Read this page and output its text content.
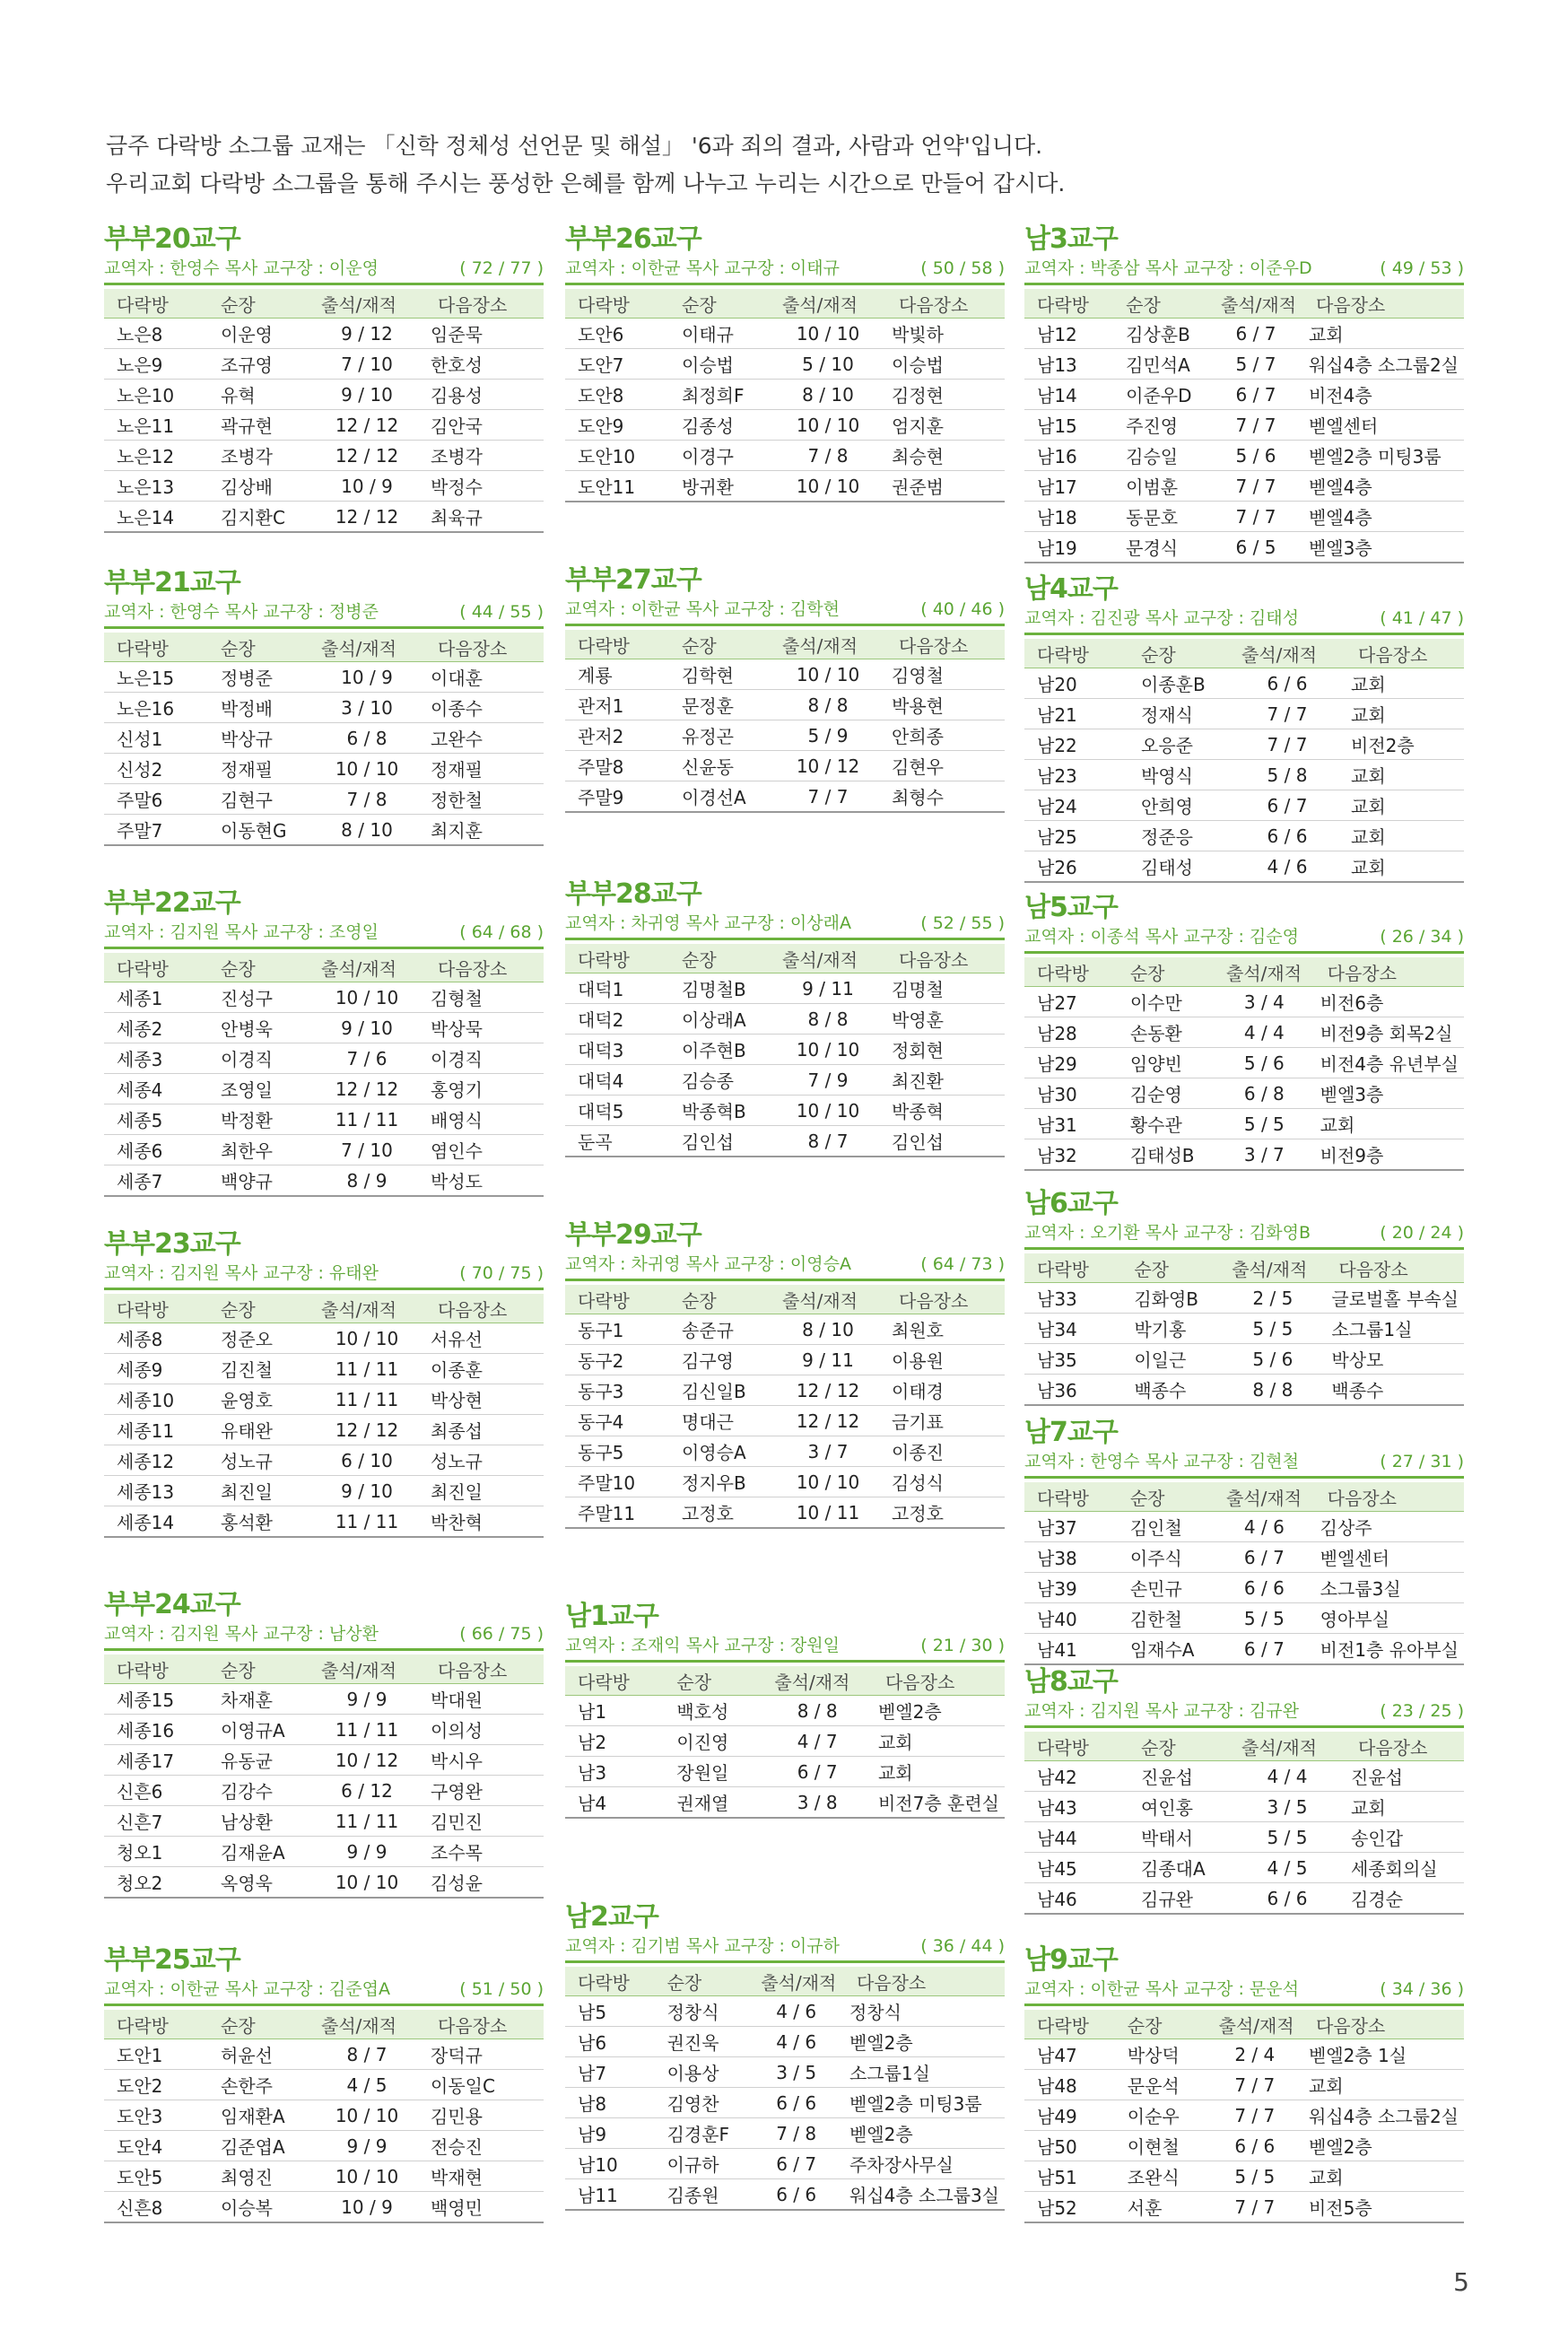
금주 다락방 소그룹 교재는 「신학 정체성 선언문 및 해설」 '6과 죄의 결과, 사람과 언약'입니다.
우리교회 다락방 소그룹을 통해 주시는 풍성한 은혜를 함께 나누고 누리는 시간으로 만들어 갑시다.
부부20교구
교역자 : 한영수 목사 교구장 : 이운영	( 72 / 77 )
다락방	순장	출석/재적	다음장소
노은8	이운영	9 / 12	임준묵
노은9	조규영	7 / 10	한호성
노은10	유혁	9 / 10	김용성
노은11	곽규현	12 / 12	김안국
노은12	조병각	12 / 12	조병각
노은13	김상배	10 / 9	박정수
노은14	김지환C	12 / 12	최육규
부부21교구
교역자 : 한영수 목사 교구장 : 정병준	( 44 / 55 )
다락방	순장	출석/재적	다음장소
노은15	정병준	10 / 9	이대훈
노은16	박정배	3 / 10	이종수
신성1	박상규	6 / 8	고완수
신성2	정재필	10 / 10	정재필
주말6	김현구	7 / 8	정한철
주말7	이동현G	8 / 10	최지훈
부부22교구
교역자 : 김지원 목사 교구장 : 조영일	( 64 / 68 )
다락방	순장	출석/재적	다음장소
세종1	진성구	10 / 10	김형철
세종2	안병욱	9 / 10	박상묵
세종3	이경직	7 / 6	이경직
세종4	조영일	12 / 12	홍영기
세종5	박정환	11 / 11	배영식
세종6	최한우	7 / 10	염인수
세종7	백양규	8 / 9	박성도
부부23교구
교역자 : 김지원 목사 교구장 : 유태완	( 70 / 75 )
다락방	순장	출석/재적	다음장소
세종8	정준오	10 / 10	서유선
세종9	김진철	11 / 11	이종훈
세종10	윤영호	11 / 11	박상현
세종11	유태완	12 / 12	최종섭
세종12	성노규	6 / 10	성노규
세종13	최진일	9 / 10	최진일
세종14	홍석환	11 / 11	박찬혁
부부24교구
교역자 : 김지원 목사 교구장 : 남상환	( 66 / 75 )
다락방	순장	출석/재적	다음장소
세종15	차재훈	9 / 9	박대원
세종16	이영규A	11 / 11	이의성
세종17	유동균	10 / 12	박시우
신흔6	김강수	6 / 12	구영완
신흔7	남상환	11 / 11	김민진
청오1	김재윤A	9 / 9	조수목
청오2	옥영욱	10 / 10	김성윤
부부25교구
교역자 : 이한균 목사 교구장 : 김준엽A	( 51 / 50 )
다락방	순장	출석/재적	다음장소
도안1	허윤선	8 / 7	장덕규
도안2	손한주	4 / 5	이동일C
도안3	임재환A	10 / 10	김민용
도안4	김준엽A	9 / 9	전승진
도안5	최영진	10 / 10	박재현
신흔8	이승복	10 / 9	백영민
부부26교구
교역자 : 이한균 목사 교구장 : 이태규	( 50 / 58 )
다락방	순장	출석/재적	다음장소
도안6	이태규	10 / 10	박빛하
도안7	이승법	5 / 10	이승법
도안8	최정희F	8 / 10	김정현
도안9	김종성	10 / 10	엄지훈
도안10	이경구	7 / 8	최승현
도안11	방귀환	10 / 10	권준범
부부27교구
교역자 : 이한균 목사 교구장 : 김학현	( 40 / 46 )
다락방	순장	출석/재적	다음장소
계룡	김학현	10 / 10	김영철
관저1	문정훈	8 / 8	박용현
관저2	유정곤	5 / 9	안희종
주말8	신윤동	10 / 12	김현우
주말9	이경선A	7 / 7	최형수
부부28교구
교역자 : 차귀영 목사 교구장 : 이상래A	( 52 / 55 )
다락방	순장	출석/재적	다음장소
대덕1	김명철B	9 / 11	김명철
대덕2	이상래A	8 / 8	박영훈
대덕3	이주현B	10 / 10	정회현
대덕4	김승종	7 / 9	최진환
대덕5	박종혁B	10 / 10	박종혁
둔곡	김인섭	8 / 7	김인섭
부부29교구
교역자 : 차귀영 목사 교구장 : 이영승A	( 64 / 73 )
다락방	순장	출석/재적	다음장소
동구1	송준규	8 / 10	최원호
동구2	김구영	9 / 11	이용원
동구3	김신일B	12 / 12	이태경
동구4	명대근	12 / 12	금기표
동구5	이영승A	3 / 7	이종진
주말10	정지우B	10 / 10	김성식
주말11	고정호	10 / 11	고정호
남1교구
교역자 : 조재익 목사 교구장 : 장원일	( 21 / 30 )
다락방	순장	출석/재적	다음장소
남1	백호성	8 / 8	벧엘2층
남2	이진영	4 / 7	교회
남3	장원일	6 / 7	교회
남4	권재열	3 / 8	비전7층 훈련실
남2교구
교역자 : 김기범 목사 교구장 : 이규하	( 36 / 44 )
다락방	순장	출석/재적	다음장소
남5	정창식	4 / 6	정창식
남6	권진욱	4 / 6	벧엘2층
남7	이용상	3 / 5	소그룹1실
남8	김영찬	6 / 6	벧엘2층 미팅3룸
남9	김경훈F	7 / 8	벧엘2층
남10	이규하	6 / 7	주차장사무실
남11	김종원	6 / 6	워십4층 소그룹3실
남3교구
교역자 : 박종삼 목사 교구장 : 이준우D	( 49 / 53 )
다락방	순장	출석/재적	다음장소
남12	김상훈B	6 / 7	교회
남13	김민석A	5 / 7	워십4층 소그룹2실
남14	이준우D	6 / 7	비전4층
남15	주진영	7 / 7	벧엘센터
남16	김승일	5 / 6	벧엘2층 미팅3룸
남17	이범훈	7 / 7	벧엘4층
남18	동문호	7 / 7	벧엘4층
남19	문경식	6 / 5	벧엘3층
남4교구
교역자 : 김진광 목사 교구장 : 김태성	( 41 / 47 )
다락방	순장	출석/재적	다음장소
남20	이종훈B	6 / 6	교회
남21	정재식	7 / 7	교회
남22	오응준	7 / 7	비전2층
남23	박영식	5 / 8	교회
남24	안희영	6 / 7	교회
남25	정준응	6 / 6	교회
남26	김태성	4 / 6	교회
남5교구
교역자 : 이종석 목사 교구장 : 김순영	( 26 / 34 )
다락방	순장	출석/재적	다음장소
남27	이수만	3 / 4	비전6층
남28	손동환	4 / 4	비전9층 회목2실
남29	임양빈	5 / 6	비전4층 유년부실
남30	김순영	6 / 8	벧엘3층
남31	황수관	5 / 5	교회
남32	김태성B	3 / 7	비전9층
남6교구
교역자 : 오기환 목사 교구장 : 김화영B	( 20 / 24 )
다락방	순장	출석/재적	다음장소
남33	김화영B	2 / 5	글로벌홀 부속실
남34	박기홍	5 / 5	소그룹1실
남35	이일근	5 / 6	박상모
남36	백종수	8 / 8	백종수
남7교구
교역자 : 한영수 목사 교구장 : 김현철	( 27 / 31 )
다락방	순장	출석/재적	다음장소
남37	김인철	4 / 6	김상주
남38	이주식	6 / 7	벧엘센터
남39	손민규	6 / 6	소그룹3실
남40	김한철	5 / 5	영아부실
남41	임재수A	6 / 7	비전1층 유아부실
남8교구
교역자 : 김지원 목사 교구장 : 김규완	( 23 / 25 )
다락방	순장	출석/재적	다음장소
남42	진윤섭	4 / 4	진윤섭
남43	여인홍	3 / 5	교회
남44	박태서	5 / 5	송인갑
남45	김종대A	4 / 5	세종회의실
남46	김규완	6 / 6	김경순
남9교구
교역자 : 이한균 목사 교구장 : 문운석	( 34 / 36 )
다락방	순장	출석/재적	다음장소
남47	박상덕	2 / 4	벧엘2층 1실
남48	문운석	7 / 7	교회
남49	이순우	7 / 7	워십4층 소그룹2실
남50	이현철	6 / 6	벧엘2층
남51	조완식	5 / 5	교회
남52	서훈	7 / 7	비전5층
5
